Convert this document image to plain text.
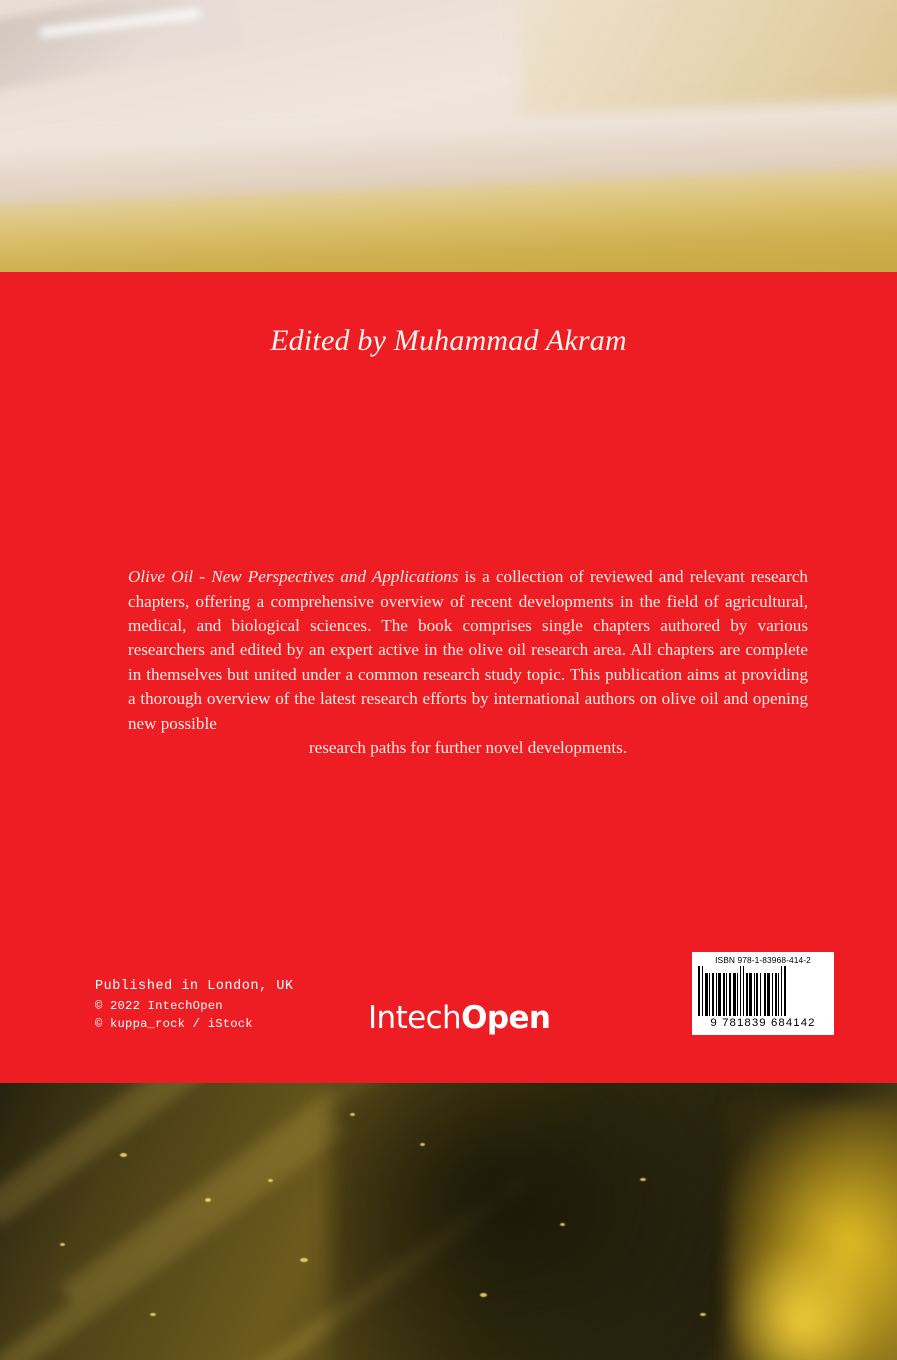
Edited by Muhammad Akram

Olive Oil - New Perspectives and Applications is a collection of reviewed and relevant research chapters, offering a comprehensive overview of recent developments in the field of agricultural, medical, and biological sciences. The book comprises single chapters authored by various researchers and edited by an expert active in the olive oil research area. All chapters are complete in themselves but united under a common research study topic. This publication aims at providing a thorough overview of the latest research efforts by international authors on olive oil and opening new possible
research paths for further novel developments.

Published in London, UK
© 2022 IntechOpen
© kuppa_rock / iStock	IntechOpen
ISBN 978-1-83968-414-2
9 781839 684142
